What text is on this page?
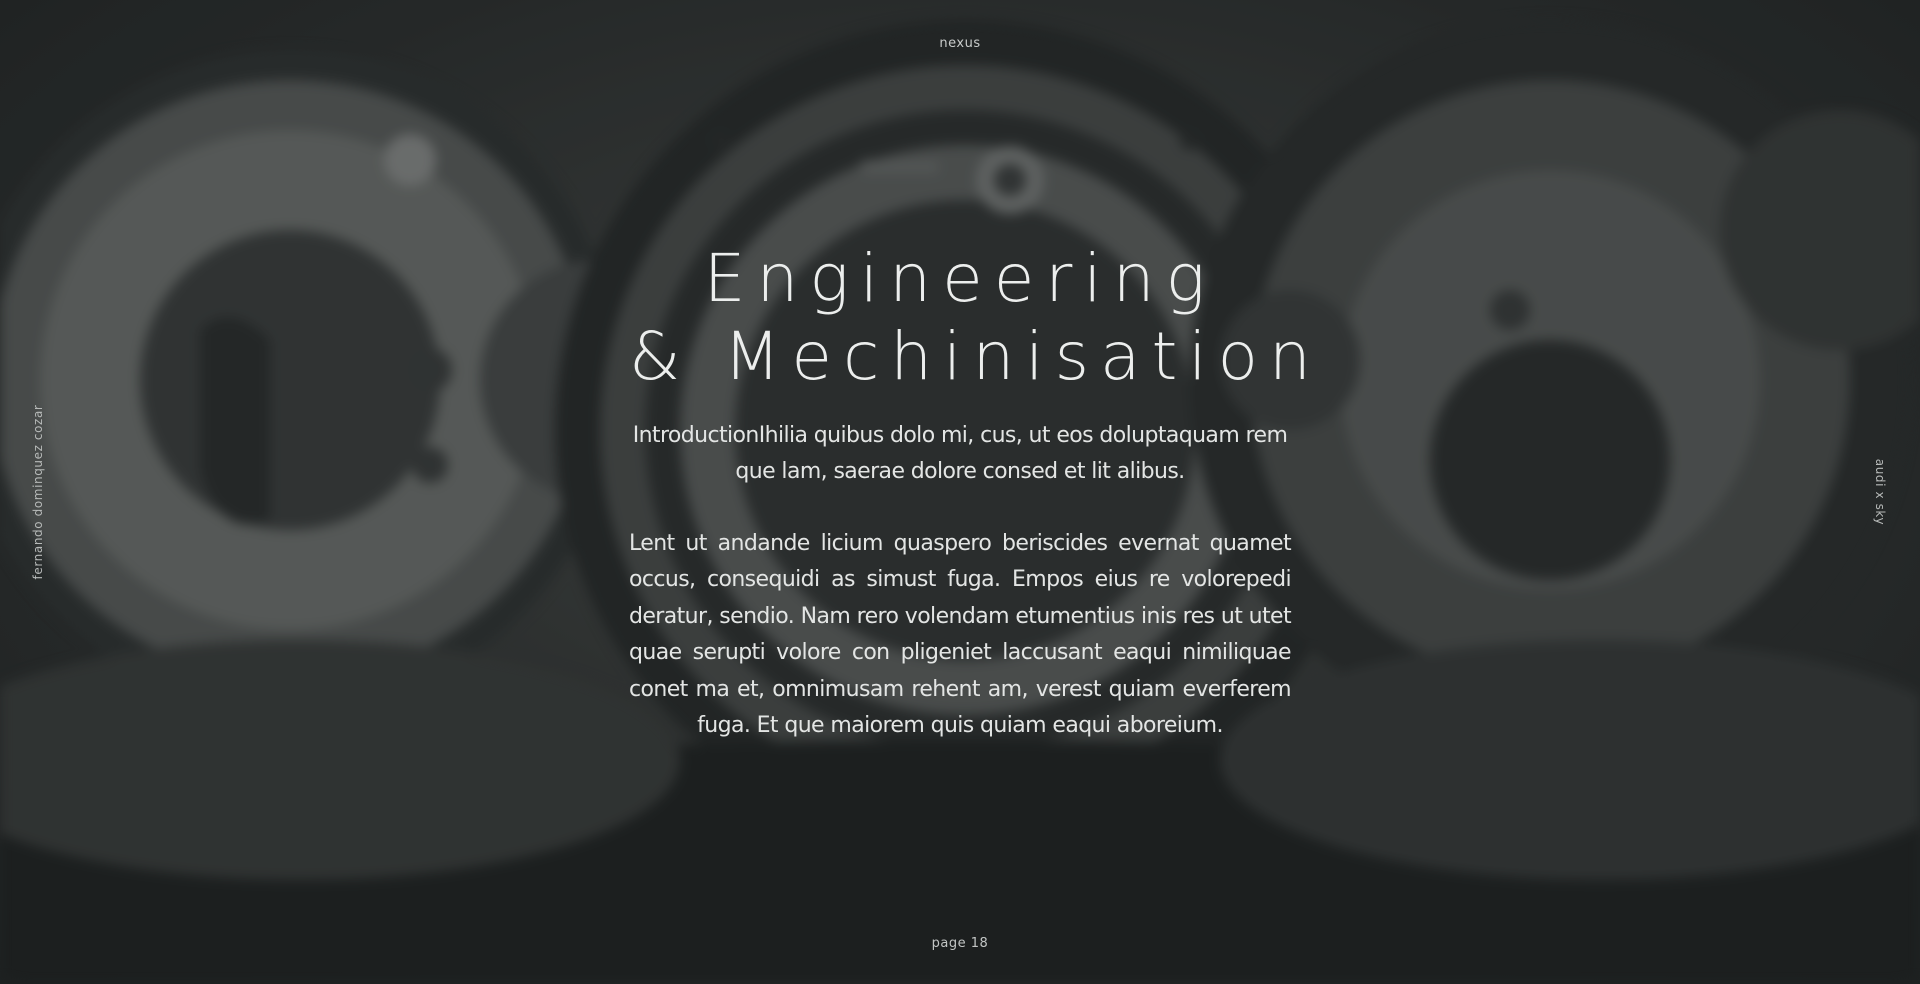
nexus
fernando dominquez cozar	audi x sky
Engineering
& Mechinisation

IntroductionIhilia quibus dolo mi, cus, ut eos doluptaquam rem que lam, saerae dolore consed et lit alibus.

Lent ut andande licium quaspero beriscides evernat quamet occus, consequidi as simust fuga. Empos eius re volorepedi deratur, sendio. Nam rero volendam etumentius inis res ut utet quae serupti volore con pligeniet laccusant eaqui nimiliquae conet ma et, omnimusam rehent am, verest quiam everferem fuga. Et que maiorem quis quiam eaqui aboreium.

page 18
